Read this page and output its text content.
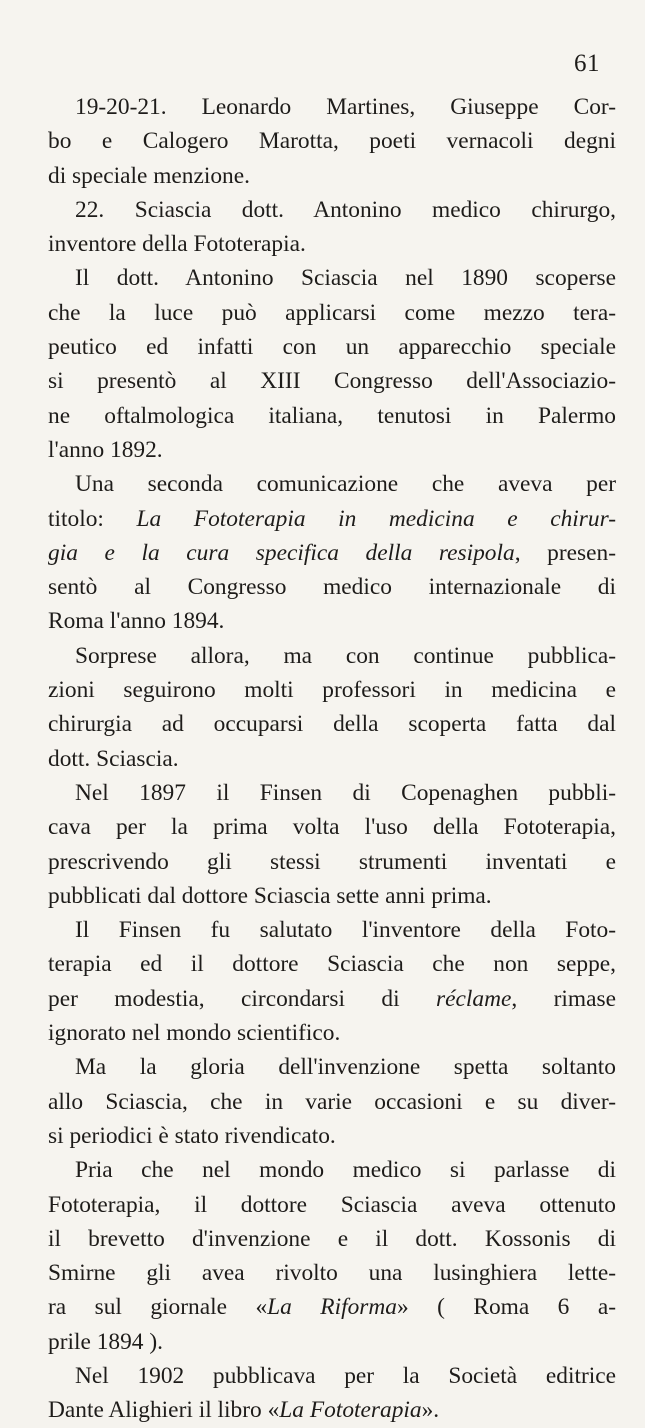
61
19-20-21. Leonardo Martines, Giuseppe Cor-
bo e Calogero Marotta, poeti vernacoli degni
di speciale menzione.
22. Sciascia dott. Antonino medico chirurgo,
inventore della Fototerapia.
Il dott. Antonino Sciascia nel 1890 scoperse
che la luce può applicarsi come mezzo tera-
peutico ed infatti con un apparecchio speciale
si presentò al XIII Congresso dell'Associazio-
ne oftalmologica italiana, tenutosi in Palermo
l'anno 1892.
Una seconda comunicazione che aveva per
titolo: La Fototerapia in medicina e chirur-
gia e la cura specifica della resipola, presen-
sentò al Congresso medico internazionale di
Roma l'anno 1894.
Sorprese allora, ma con continue pubblica-
zioni seguirono molti professori in medicina e
chirurgia ad occuparsi della scoperta fatta dal
dott. Sciascia.
Nel 1897 il Finsen di Copenaghen pubbli-
cava per la prima volta l'uso della Fototerapia,
prescrivendo gli stessi strumenti inventati e
pubblicati dal dottore Sciascia sette anni prima.
Il Finsen fu salutato l'inventore della Foto-
terapia ed il dottore Sciascia che non seppe,
per modestia, circondarsi di réclame, rimase
ignorato nel mondo scientifico.
Ma la gloria dell'invenzione spetta soltanto
allo Sciascia, che in varie occasioni e su diver-
si periodici è stato rivendicato.
Pria che nel mondo medico si parlasse di
Fototerapia, il dottore Sciascia aveva ottenuto
il brevetto d'invenzione e il dott. Kossonis di
Smirne gli avea rivolto una lusinghiera lette-
ra sul giornale «La Riforma» ( Roma 6 a-
prile 1894 ).
Nel 1902 pubblicava per la Società editrice
Dante Alighieri il libro «La Fototerapia».
